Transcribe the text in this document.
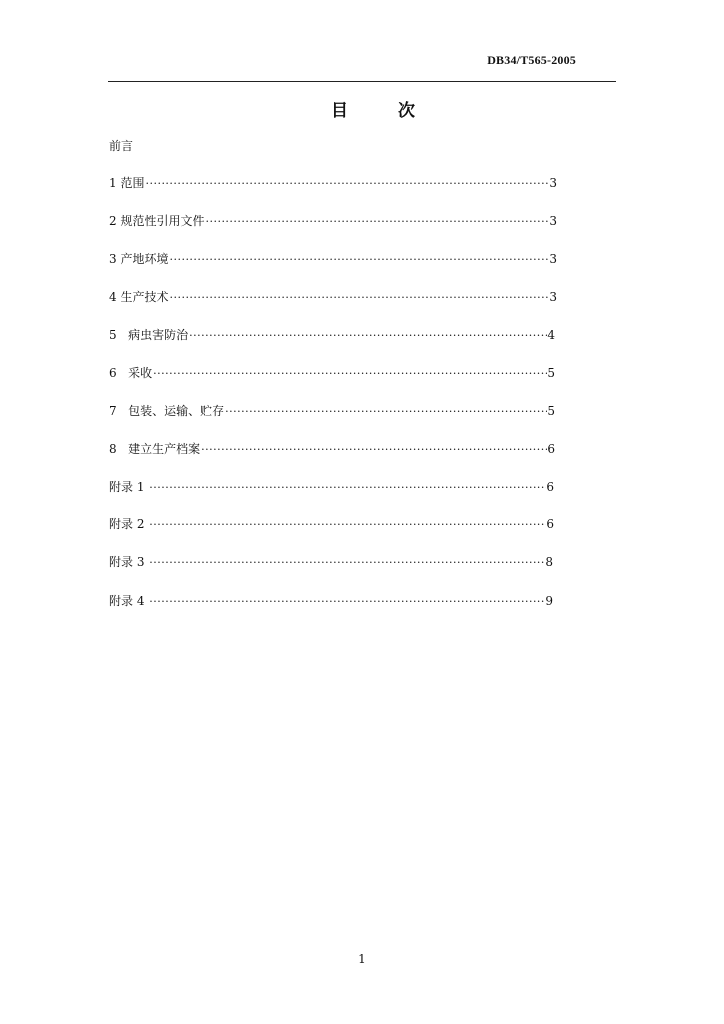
DB34/T565-2005
目 次
前言
1 范围 ·····	3
2 规范性引用文件 ·····	3
3 产地环境 ·····	3
4 生产技术 ·····	3
5   病虫害防治 ·····	4
6   采收 ·····	5
7   包装、运输、贮存 ·····	5
8   建立生产档案 ·····	6
附录 1 ·····	6
附录 2 ·····	6
附录 3 ·····	8
附录 4 ·····	9
1
